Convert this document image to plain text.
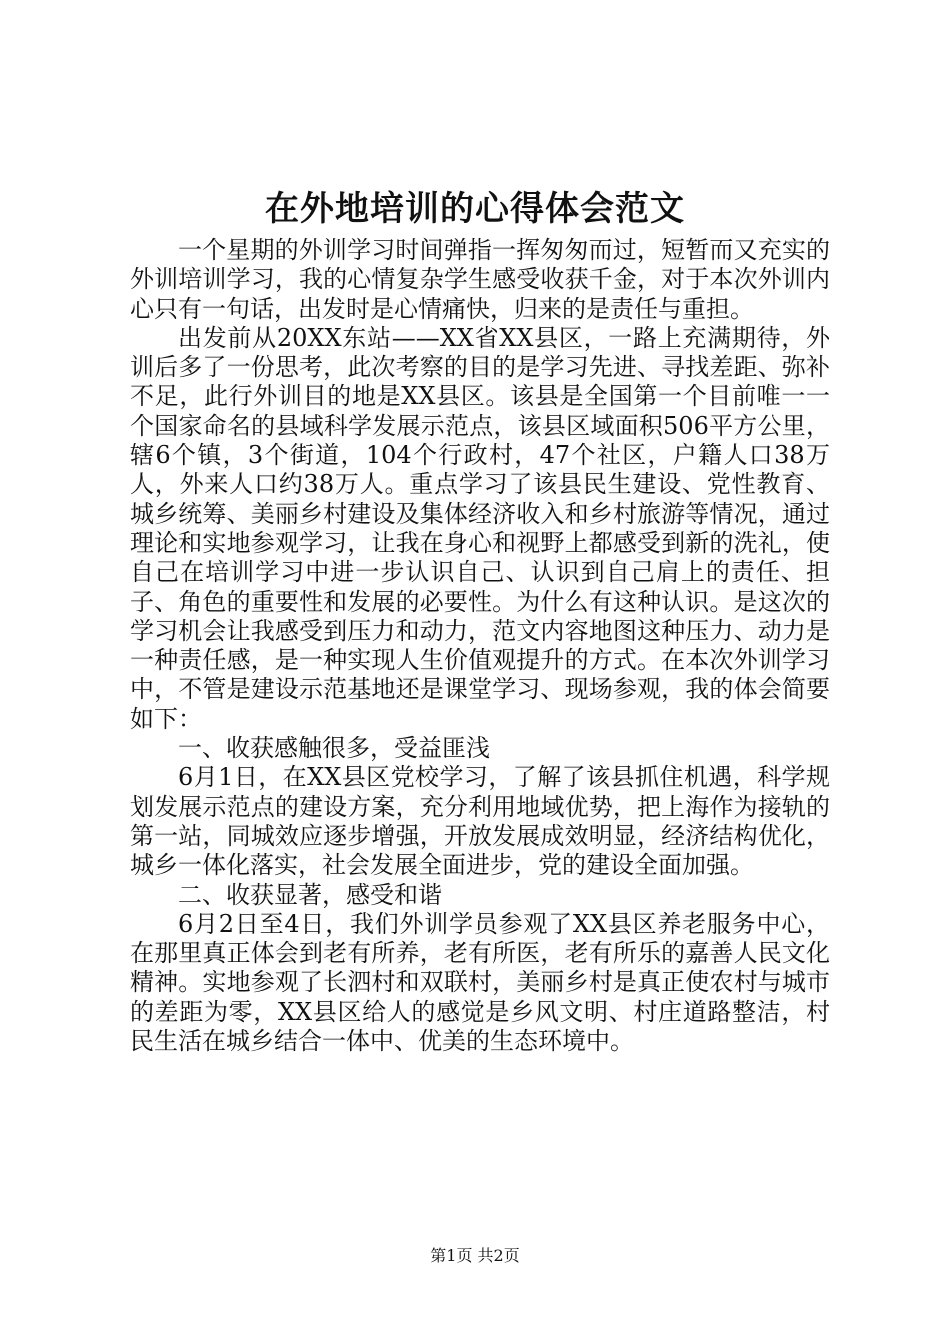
在外地培训的心得体会范文

一个星期的外训学习时间弹指一挥匆匆而过，短暂而又充实的外训培训学习，我的心情复杂学生感受收获千金，对于本次外训内心只有一句话，出发时是心情痛快，归来的是责任与重担。

出发前从20XX东站——XX省XX县区，一路上充满期待，外训后多了一份思考，此次考察的目的是学习先进、寻找差距、弥补不足，此行外训目的地是XX县区。该县是全国第一个目前唯一一个国家命名的县域科学发展示范点，该县区域面积506平方公里，辖6个镇，3个街道，104个行政村，47个社区，户籍人口38万人，外来人口约38万人。重点学习了该县民生建设、党性教育、城乡统筹、美丽乡村建设及集体经济收入和乡村旅游等情况，通过理论和实地参观学习，让我在身心和视野上都感受到新的洗礼，使自己在培训学习中进一步认识自己、认识到自己肩上的责任、担子、角色的重要性和发展的必要性。为什么有这种认识。是这次的学习机会让我感受到压力和动力，范文内容地图这种压力、动力是一种责任感，是一种实现人生价值观提升的方式。在本次外训学习中，不管是建设示范基地还是课堂学习、现场参观，我的体会简要如下：

一、收获感触很多，受益匪浅

6月1日，在XX县区党校学习，了解了该县抓住机遇，科学规划发展示范点的建设方案，充分利用地域优势，把上海作为接轨的第一站，同城效应逐步增强，开放发展成效明显，经济结构优化，城乡一体化落实，社会发展全面进步，党的建设全面加强。

二、收获显著，感受和谐

6月2日至4日，我们外训学员参观了XX县区养老服务中心，在那里真正体会到老有所养，老有所医，老有所乐的嘉善人民文化精神。实地参观了长泗村和双联村，美丽乡村是真正使农村与城市的差距为零，XX县区给人的感觉是乡风文明、村庄道路整洁，村民生活在城乡结合一体中、优美的生态环境中。

第1页 共2页
